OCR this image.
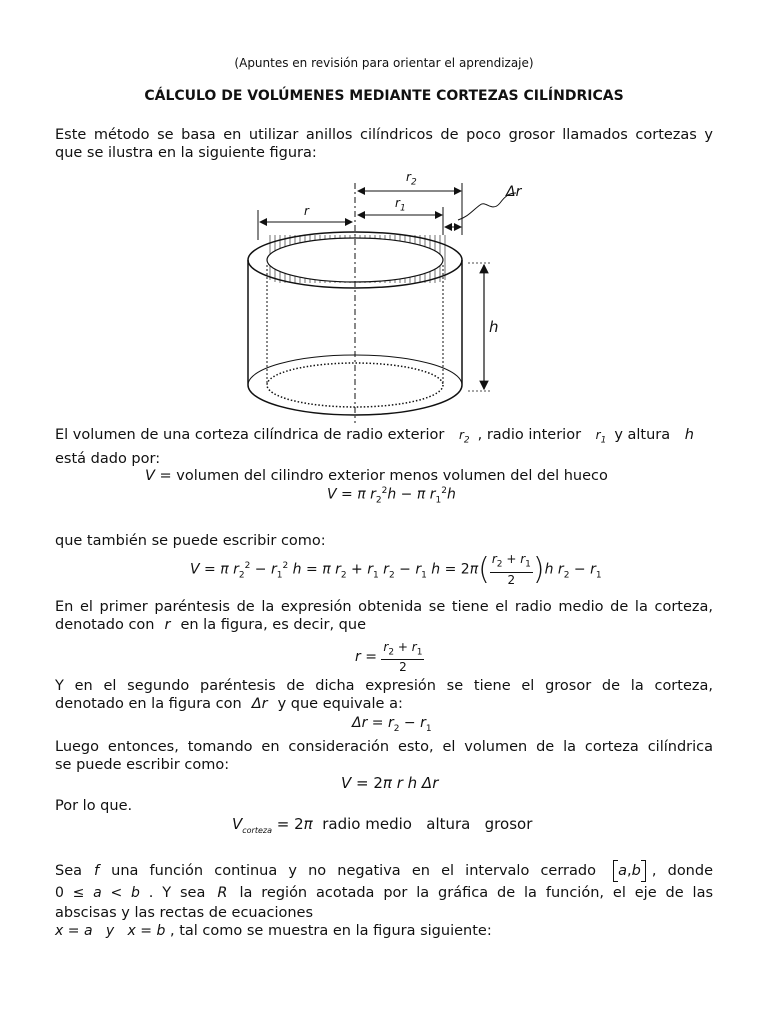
(Apuntes en revisión para orientar el aprendizaje)
CÁLCULO DE VOLÚMENES MEDIANTE CORTEZAS CILÍNDRICAS
Este método se basa en utilizar anillos cilíndricos de poco grosor llamados cortezas y
que se ilustra en la siguiente figura:
$r_2$
$r_1$
r
Δr
h
El volumen de una corteza cilíndrica de radio exterior $r_2$ , radio interior $r_1$ y altura h
está dado por:
V = volumen del cilindro exterior menos volumen del del hueco
V = π $r_2^2h - \pi$ $r_1^2h$
que también se puede escribir como:
V = π $r_2^2 - r_1^2$ h = π $r_2 + r_1$ $r_2 - r_1$ $h = 2\pi( \frac{r_2 + r_1}{2} )h$ $r_2 - r_1$
En el primer paréntesis de la expresión obtenida se tiene el radio medio de la corteza,
denotado con r en la figura, es decir, que
$r = \frac{r_2 + r_1}{2}$
Y en el segundo paréntesis de dicha expresión se tiene el grosor de la corteza,
denotado en la figura con Δr y que equivale a:
$\Delta r = r_2 - r_1$
Luego entonces, tomando en consideración esto, el volumen de la corteza cilíndrica
se puede escribir como:
V = 2π r h Δr
Por lo que.
$V_{corteza} = 2\pi$ radio medio   altura   grosor
Sea f una función continua y no negativa en el intervalo cerrado a,b , donde
0 ≤ a < b . Y sea R la región acotada por la gráfica de la función, el eje de las
abscisas y las rectas de ecuaciones
x = a y x = b , tal como se muestra en la figura siguiente:
